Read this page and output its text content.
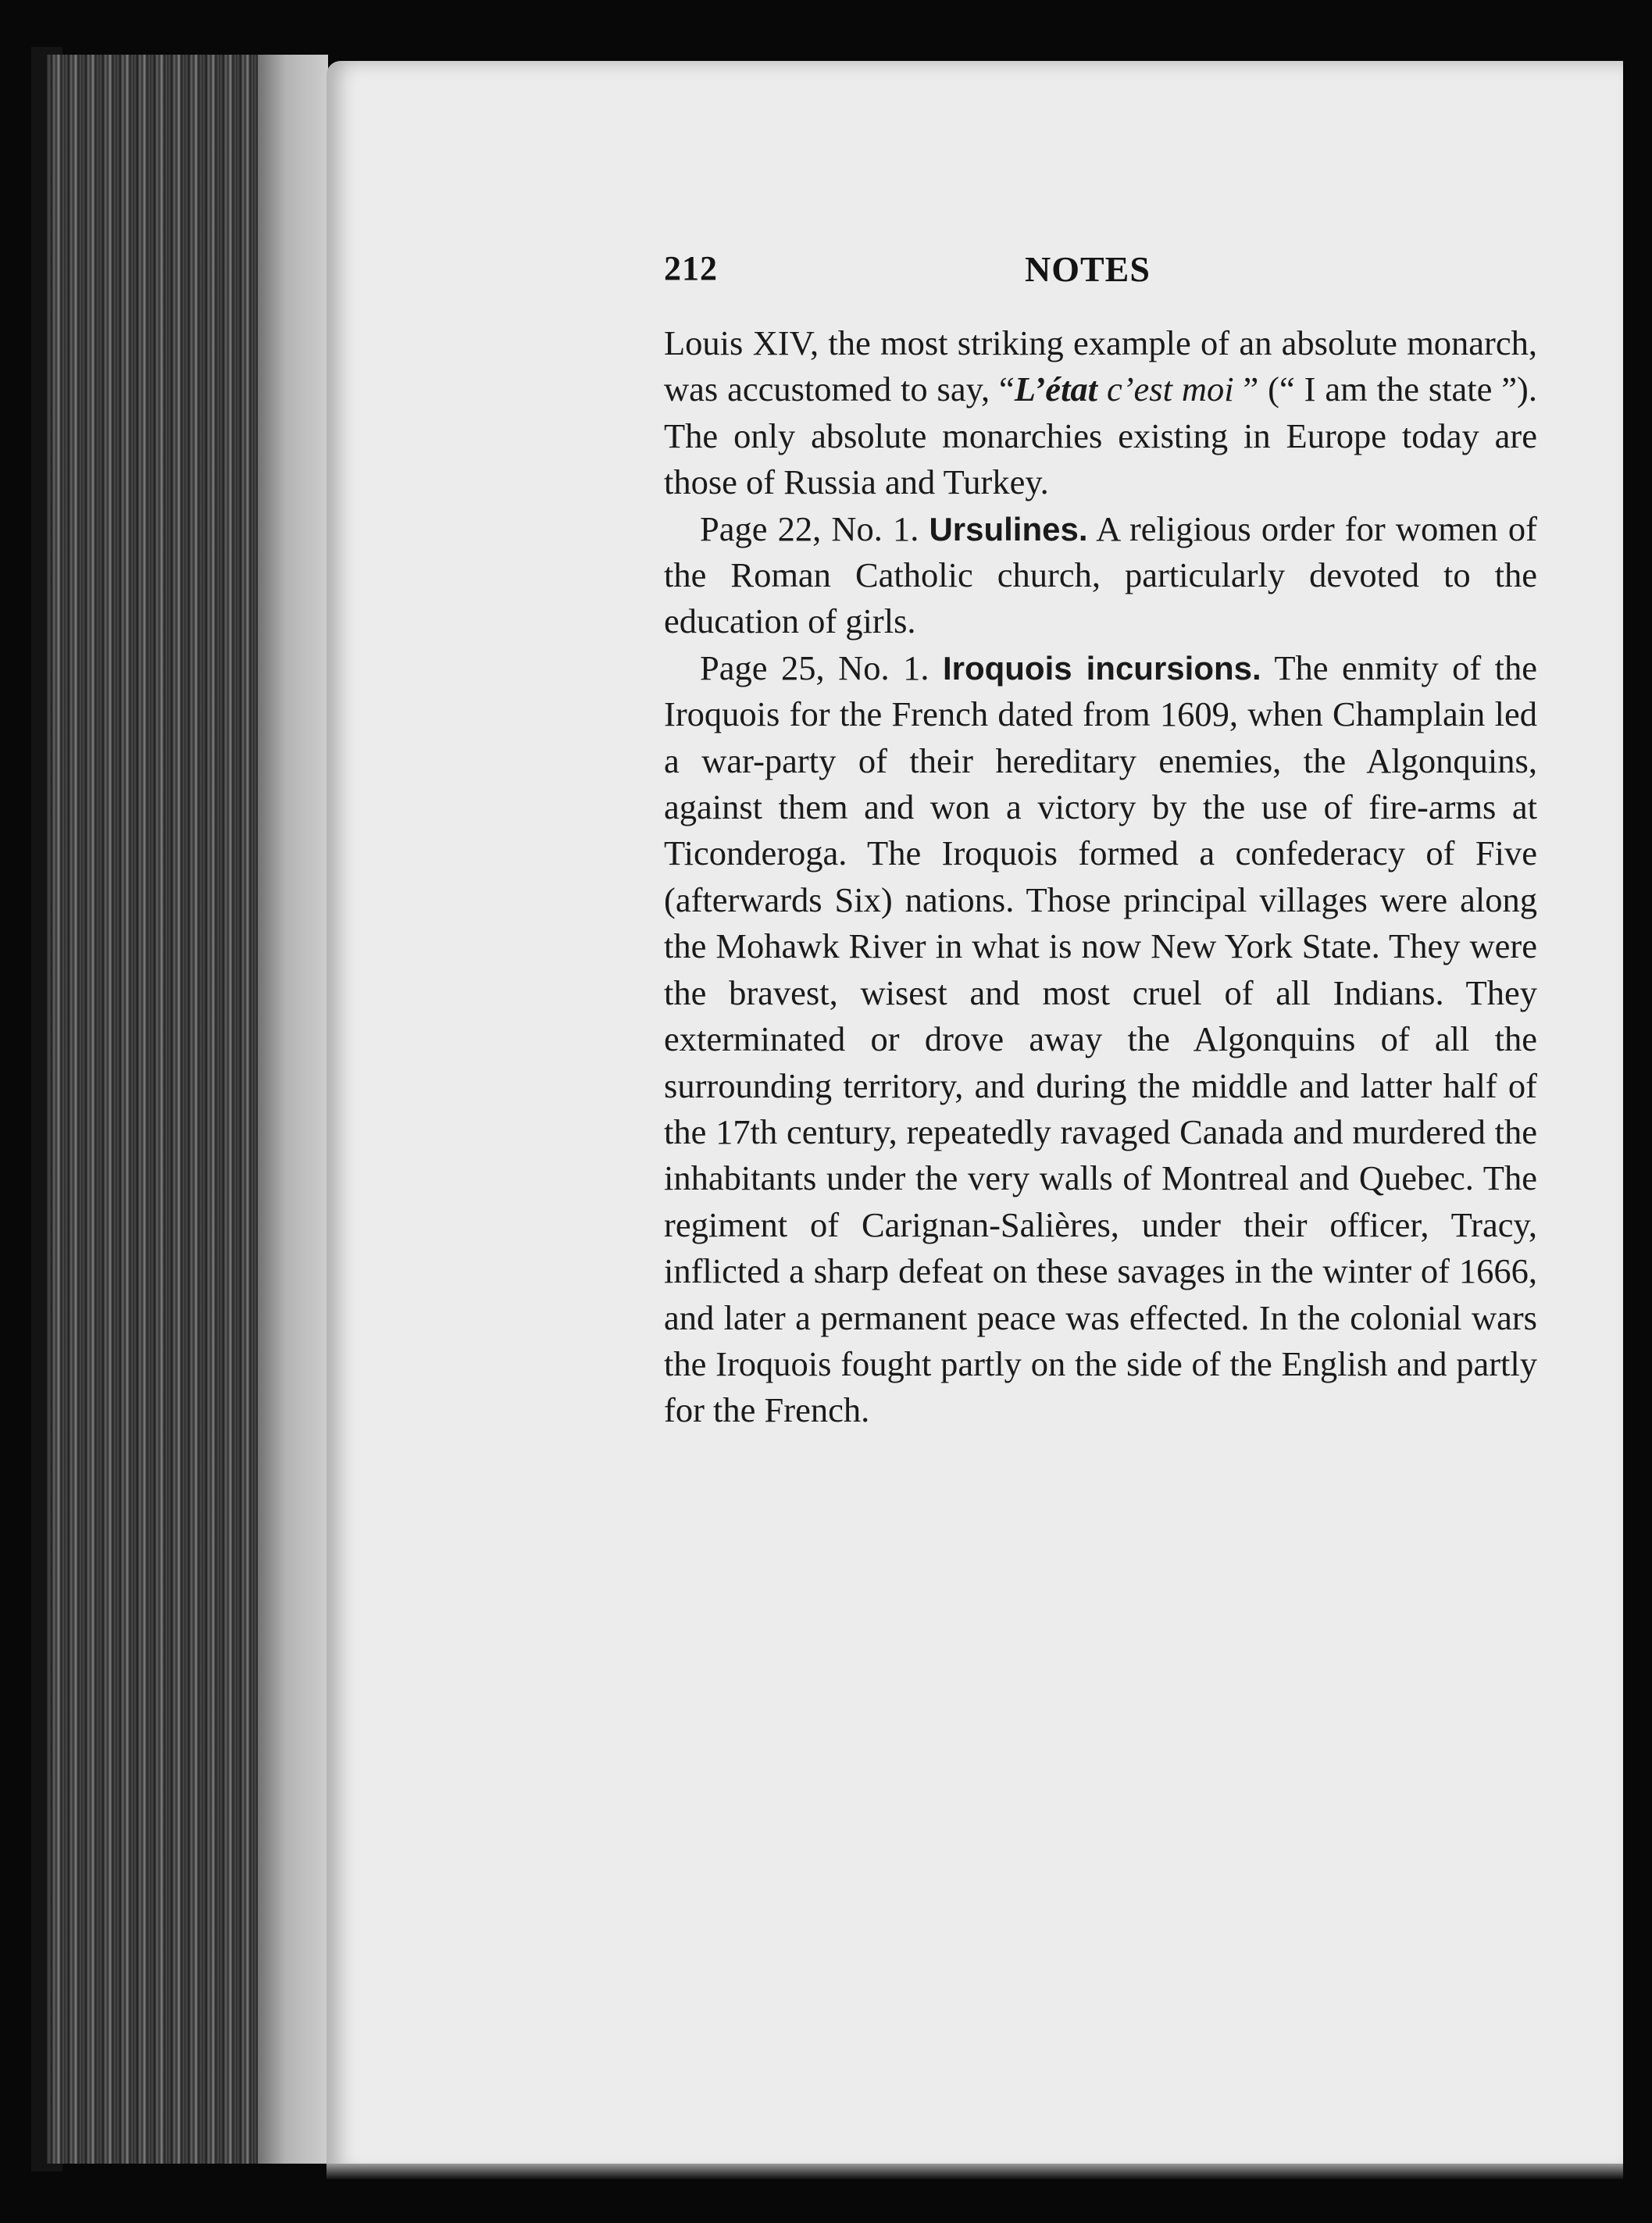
212	NOTES

Louis XIV, the most striking example of an absolute monarch, was accustomed to say, “L’état c’est moi ” (“ I am the state ”). The only absolute monarchies existing in Europe today are those of Russia and Turkey.

Page 22, No. 1. Ursulines. A religious order for women of the Roman Catholic church, particularly devoted to the education of girls.

Page 25, No. 1. Iroquois incursions. The enmity of the Iroquois for the French dated from 1609, when Champlain led a war-party of their hereditary enemies, the Algonquins, against them and won a victory by the use of fire-arms at Ticonderoga. The Iroquois formed a confederacy of Five (afterwards Six) nations. Those principal villages were along the Mohawk River in what is now New York State. They were the bravest, wisest and most cruel of all Indians. They exterminated or drove away the Algonquins of all the surrounding territory, and during the middle and latter half of the 17th century, repeatedly ravaged Canada and murdered the inhabitants under the very walls of Montreal and Quebec. The regiment of Carignan-Salières, under their officer, Tracy, inflicted a sharp defeat on these savages in the winter of 1666, and later a permanent peace was effected. In the colonial wars the Iroquois fought partly on the side of the English and partly for the French.
